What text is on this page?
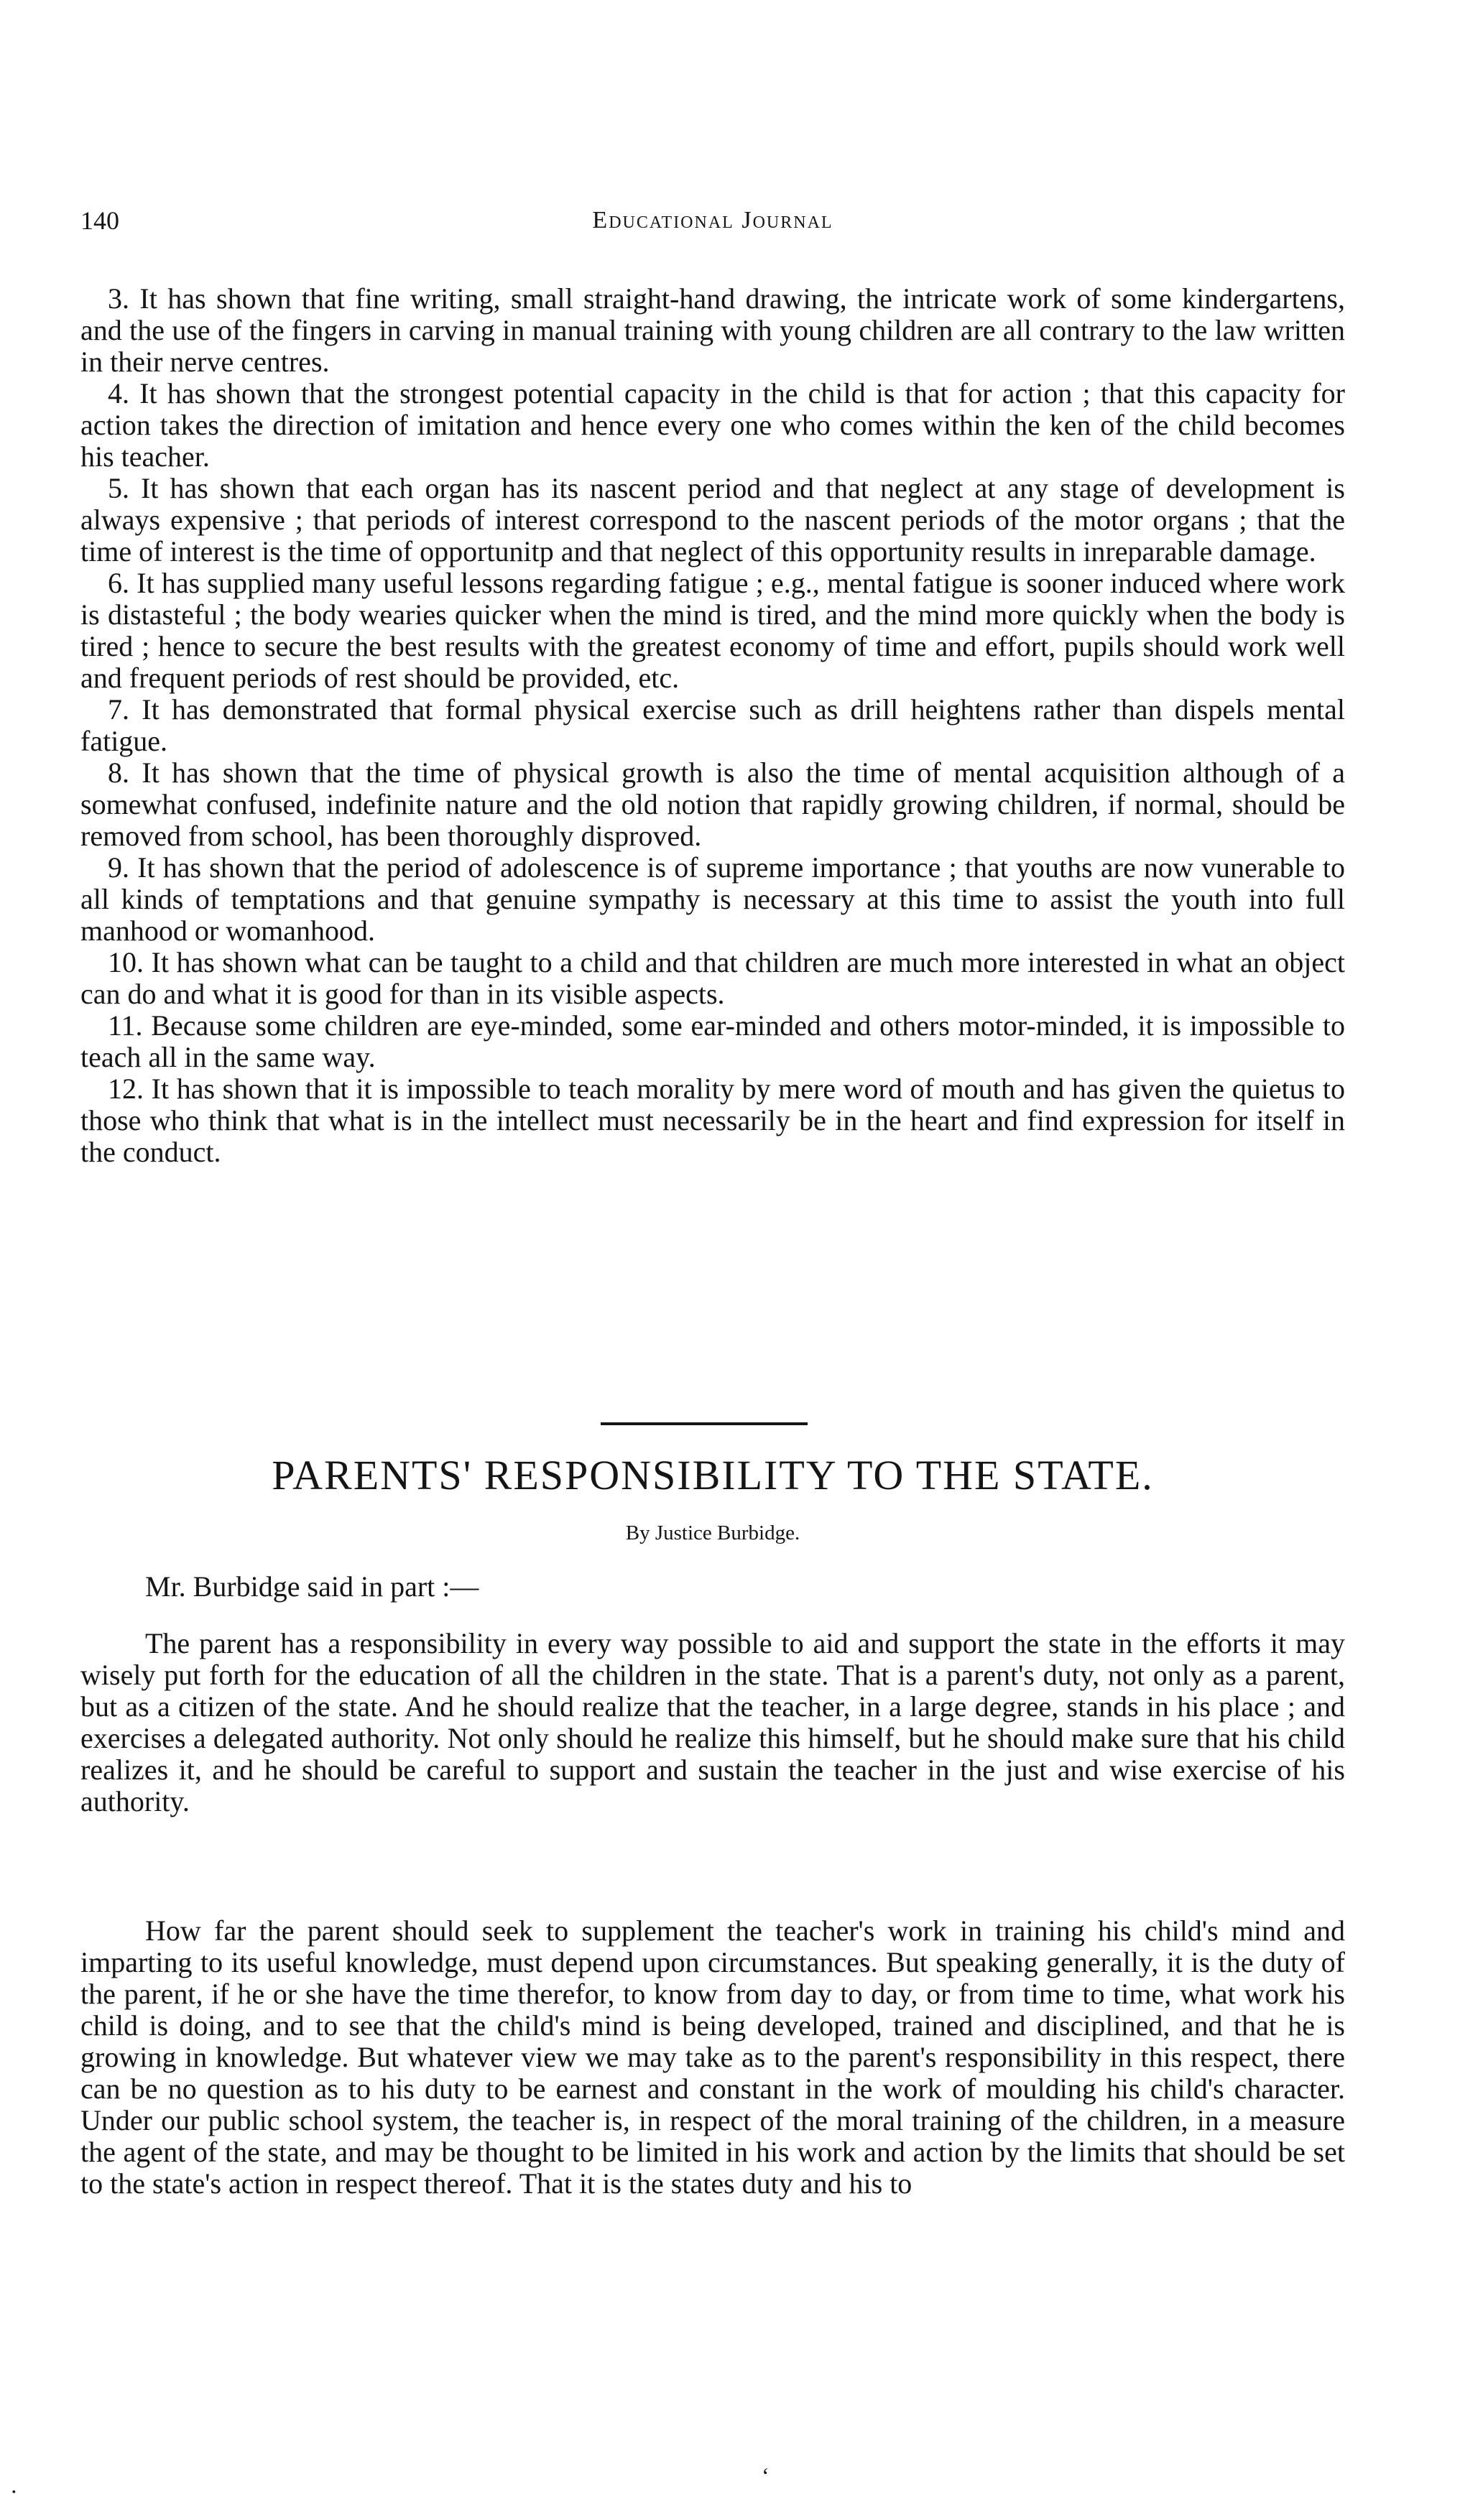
140	Educational Journal
3. It has shown that fine writing, small straight-hand drawing, the intricate work of some kindergartens, and the use of the fingers in carving in manual training with young children are all contrary to the law written in their nerve centres.
4. It has shown that the strongest potential capacity in the child is that for action ; that this capacity for action takes the direction of imitation and hence every one who comes within the ken of the child becomes his teacher.
5. It has shown that each organ has its nascent period and that neglect at any stage of development is always expensive ; that periods of interest correspond to the nascent periods of the motor organs ; that the time of interest is the time of opportunitp and that neglect of this opportunity results in inreparable damage.
6. It has supplied many useful lessons regarding fatigue ; e.g., mental fatigue is sooner induced where work is distasteful ; the body wearies quicker when the mind is tired, and the mind more quickly when the body is tired ; hence to secure the best results with the greatest economy of time and effort, pupils should work well and frequent periods of rest should be provided, etc.
7. It has demonstrated that formal physical exercise such as drill heightens rather than dispels mental fatigue.
8. It has shown that the time of physical growth is also the time of mental acquisition although of a somewhat confused, indefinite nature and the old notion that rapidly growing children, if normal, should be removed from school, has been thoroughly disproved.
9. It has shown that the period of adolescence is of supreme importance ; that youths are now vunerable to all kinds of temptations and that genuine sympathy is necessary at this time to assist the youth into full manhood or womanhood.
10. It has shown what can be taught to a child and that children are much more interested in what an object can do and what it is good for than in its visible aspects.
11. Because some children are eye-minded, some ear-minded and others motor-minded, it is impossible to teach all in the same way.
12. It has shown that it is impossible to teach morality by mere word of mouth and has given the quietus to those who think that what is in the intellect must necessarily be in the heart and find expression for itself in the conduct.
PARENTS' RESPONSIBILITY TO THE STATE.
By Justice Burbidge.
Mr. Burbidge said in part :—

The parent has a responsibility in every way possible to aid and support the state in the efforts it may wisely put forth for the education of all the children in the state. That is a parent's duty, not only as a parent, but as a citizen of the state. And he should realize that the teacher, in a large degree, stands in his place ; and exercises a delegated authority. Not only should he realize this himself, but he should make sure that his child realizes it, and he should be careful to support and sustain the teacher in the just and wise exercise of his authority.

How far the parent should seek to supplement the teacher's work in training his child's mind and imparting to its useful knowledge, must depend upon circumstances. But speaking generally, it is the duty of the parent, if he or she have the time therefor, to know from day to day, or from time to time, what work his child is doing, and to see that the child's mind is being developed, trained and disciplined, and that he is growing in knowledge. But whatever view we may take as to the parent's responsibility in this respect, there can be no question as to his duty to be earnest and constant in the work of moulding his child's character. Under our public school system, the teacher is, in respect of the moral training of the children, in a measure the agent of the state, and may be thought to be limited in his work and action by the limits that should be set to the state's action in respect thereof. That it is the states duty and his to

‘
·
